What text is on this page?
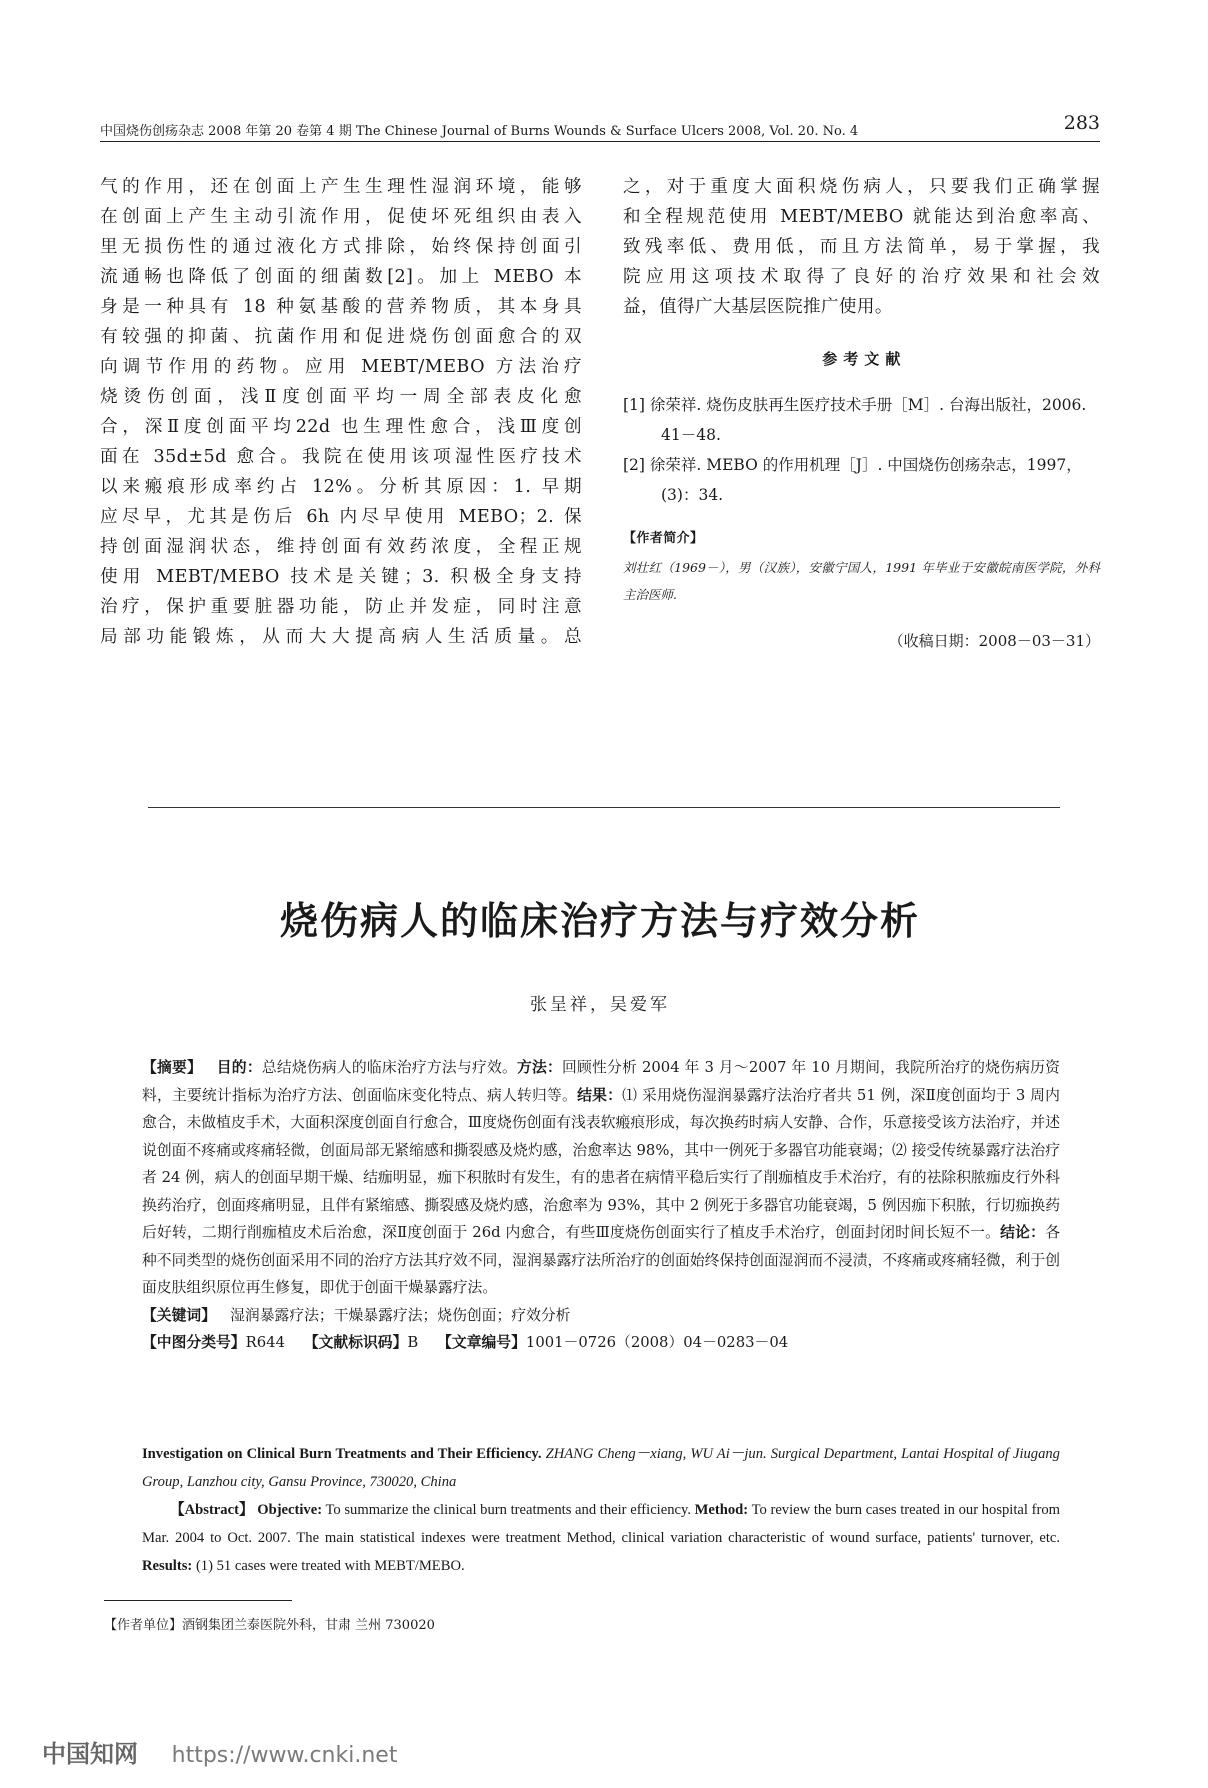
中国烧伤创疡杂志 2008 年第 20 卷第 4 期 The Chinese Journal of Burns Wounds & Surface Ulcers 2008, Vol. 20. No. 4	283

气的作用，还在创面上产生生理性湿润环境，能够

在创面上产生主动引流作用，促使坏死组织由表入

里无损伤性的通过液化方式排除，始终保持创面引

流通畅也降低了创面的细菌数[2]。加上 MEBO 本

身是一种具有 18 种氨基酸的营养物质，其本身具

有较强的抑菌、抗菌作用和促进烧伤创面愈合的双

向调节作用的药物。应用 MEBT/MEBO 方法治疗

烧烫伤创面，浅Ⅱ度创面平均一周全部表皮化愈

合，深Ⅱ度创面平均22d 也生理性愈合，浅Ⅲ度创

面在 35d±5d 愈合。我院在使用该项湿性医疗技术

以来瘢痕形成率约占 12%。分析其原因：1. 早期

应尽早，尤其是伤后 6h 内尽早使用 MEBO；2. 保

持创面湿润状态，维持创面有效药浓度，全程正规

使用 MEBT/MEBO 技术是关键；3. 积极全身支持

治疗，保护重要脏器功能，防止并发症，同时注意

局部功能锻炼，从而大大提高病人生活质量。总

之，对于重度大面积烧伤病人，只要我们正确掌握

和全程规范使用 MEBT/MEBO 就能达到治愈率高、

致残率低、费用低，而且方法简单，易于掌握，我

院应用这项技术取得了良好的治疗效果和社会效

益，值得广大基层医院推广使用。

参 考 文 献

[1] 徐荣祥. 烧伤皮肤再生医疗技术手册［M］. 台海出版社，2006. 41－48.

[2] 徐荣祥. MEBO 的作用机理［J］. 中国烧伤创疡杂志，1997，(3)：34.

【作者简介】

刘壮红（1969－），男（汉族），安徽宁国人，1991 年毕业于安徽皖南医学院，外科主治医师.

（收稿日期：2008－03－31）

烧伤病人的临床治疗方法与疗效分析
张呈祥，吴爱军

【摘要】 目的：总结烧伤病人的临床治疗方法与疗效。方法：回顾性分析 2004 年 3 月～2007 年 10 月期间，我院所治疗的烧伤病历资料，主要统计指标为治疗方法、创面临床变化特点、病人转归等。结果：⑴ 采用烧伤湿润暴露疗法治疗者共 51 例，深Ⅱ度创面均于 3 周内愈合，未做植皮手术，大面积深度创面自行愈合，Ⅲ度烧伤创面有浅表软瘢痕形成，每次换药时病人安静、合作，乐意接受该方法治疗，并述说创面不疼痛或疼痛轻微，创面局部无紧缩感和撕裂感及烧灼感，治愈率达 98%，其中一例死于多器官功能衰竭；⑵ 接受传统暴露疗法治疗者 24 例，病人的创面早期干燥、结痂明显，痂下积脓时有发生，有的患者在病情平稳后实行了削痂植皮手术治疗，有的祛除积脓痂皮行外科换药治疗，创面疼痛明显，且伴有紧缩感、撕裂感及烧灼感，治愈率为 93%，其中 2 例死于多器官功能衰竭，5 例因痂下积脓，行切痂换药后好转，二期行削痂植皮术后治愈，深Ⅱ度创面于 26d 内愈合，有些Ⅲ度烧伤创面实行了植皮手术治疗，创面封闭时间长短不一。结论：各种不同类型的烧伤创面采用不同的治疗方法其疗效不同，湿润暴露疗法所治疗的创面始终保持创面湿润而不浸渍，不疼痛或疼痛轻微，利于创面皮肤组织原位再生修复，即优于创面干燥暴露疗法。

【关键词】 湿润暴露疗法；干燥暴露疗法；烧伤创面；疗效分析

【中图分类号】R644 【文献标识码】B 【文章编号】1001－0726（2008）04－0283－04

Investigation on Clinical Burn Treatments and Their Efficiency. ZHANG Cheng－xiang, WU Ai－jun. Surgical Department, Lantai Hospital of Jiugang Group, Lanzhou city, Gansu Province, 730020, China

【Abstract】 Objective: To summarize the clinical burn treatments and their efficiency. Method: To review the burn cases treated in our hospital from Mar. 2004 to Oct. 2007. The main statistical indexes were treatment Method, clinical variation characteristic of wound surface, patients' turnover, etc. Results: (1) 51 cases were treated with MEBT/MEBO.

【作者单位】酒钢集团兰泰医院外科，甘肃 兰州 730020
中国知网 https://www.cnki.net
